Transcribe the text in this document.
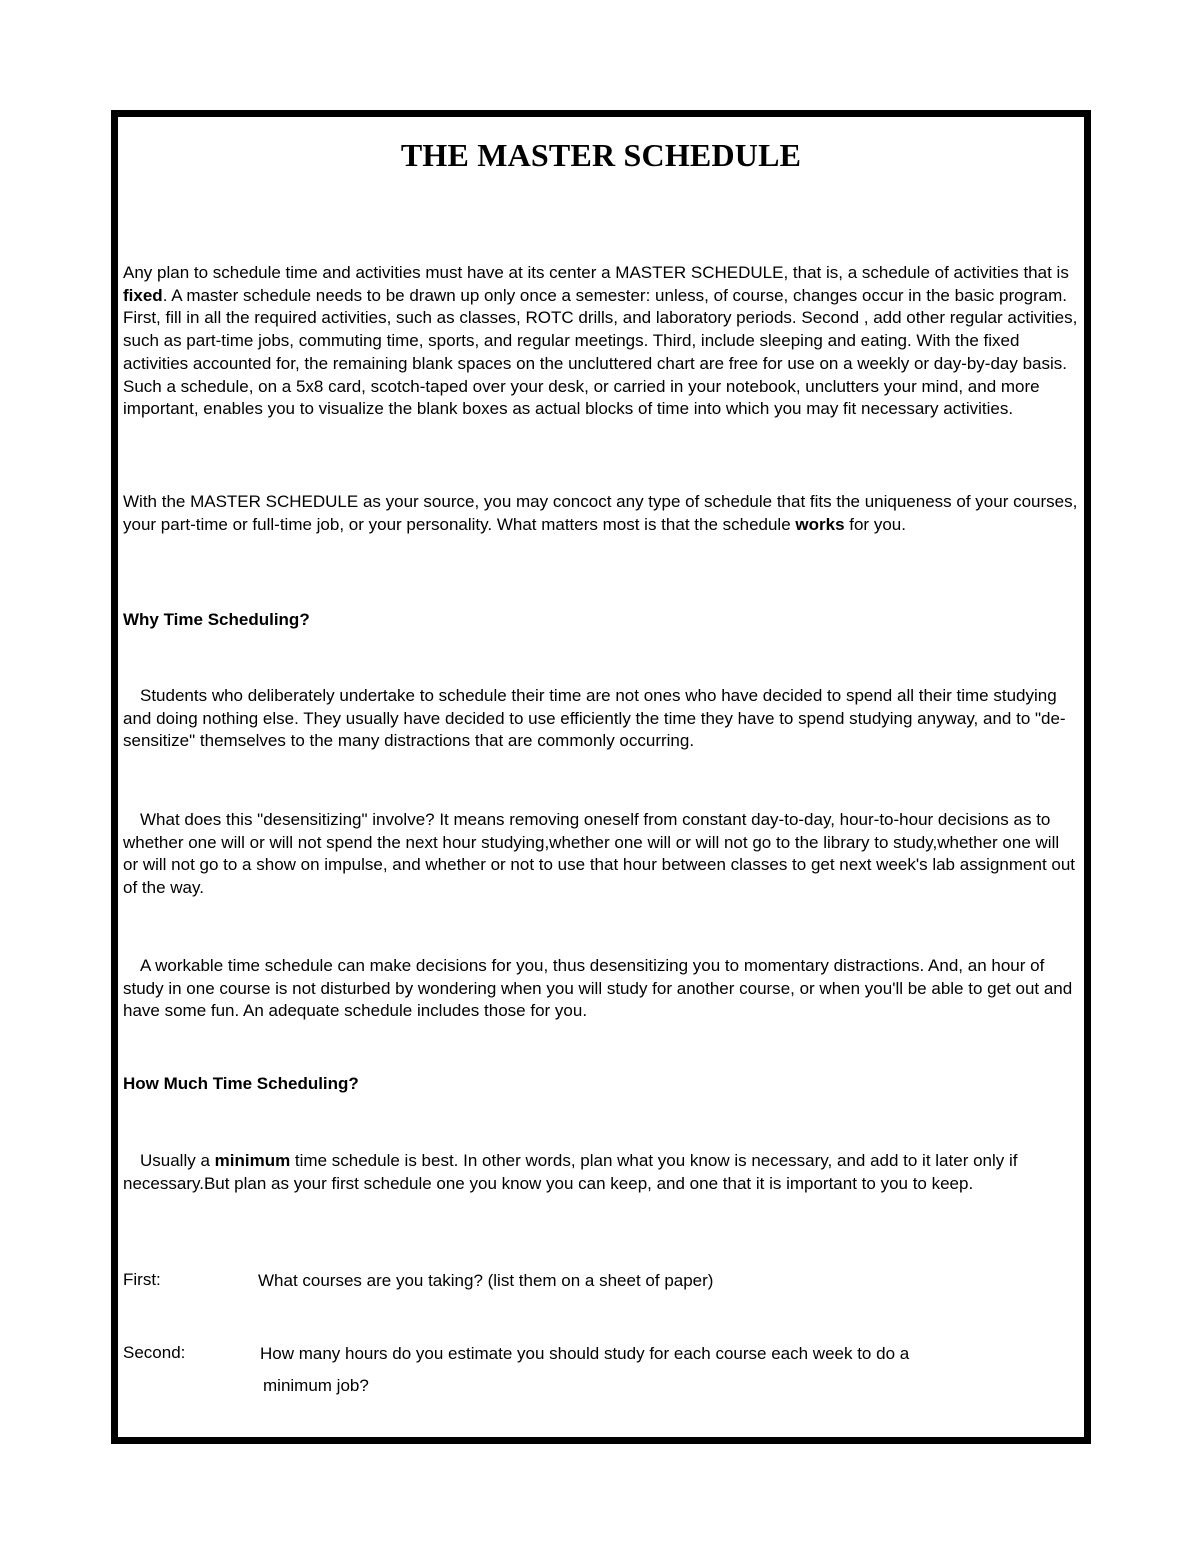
THE MASTER SCHEDULE

Any plan to schedule time and activities must have at its center a MASTER SCHEDULE, that is, a schedule of activities that is fixed. A master schedule needs to be drawn up only once a semester: unless, of course, changes occur in the basic program. First, fill in all the required activities, such as classes, ROTC drills, and laboratory periods. Second , add other regular activities, such as part-time jobs, commuting time, sports, and regular meetings. Third, include sleeping and eating. With the fixed activities accounted for, the remaining blank spaces on the uncluttered chart are free for use on a weekly or day-by-day basis. Such a schedule, on a 5x8 card, scotch-taped over your desk, or carried in your notebook, unclutters your mind, and more important, enables you to visualize the blank boxes as actual blocks of time into which you may fit necessary activities.

With the MASTER SCHEDULE as your source, you may concoct any type of schedule that fits the uniqueness of your courses, your part-time or full-time job, or your personality. What matters most is that the schedule works for you.

Why Time Scheduling?

Students who deliberately undertake to schedule their time are not ones who have decided to spend all their time studying and doing nothing else. They usually have decided to use efficiently the time they have to spend studying anyway, and to "de-sensitize" themselves to the many distractions that are commonly occurring.

What does this "desensitizing" involve? It means removing oneself from constant day-to-day, hour-to-hour decisions as to whether one will or will not spend the next hour studying,whether one will or will not go to the library to study,whether one will or will not go to a show on impulse, and whether or not to use that hour between classes to get next week's lab assignment out of the way.

A workable time schedule can make decisions for you, thus desensitizing you to momentary distractions. And, an hour of study in one course is not disturbed by wondering when you will study for another course, or when you'll be able to get out and have some fun. An adequate schedule includes those for you.

How Much Time Scheduling?

Usually a minimum time schedule is best. In other words, plan what you know is necessary, and add to it later only if necessary.But plan as your first schedule one you know you can keep, and one that it is important to you to keep.

First:	What courses are you taking? (list them on a sheet of paper)
Second:	How many hours do you estimate you should study for each course each week to do a
minimum job?
